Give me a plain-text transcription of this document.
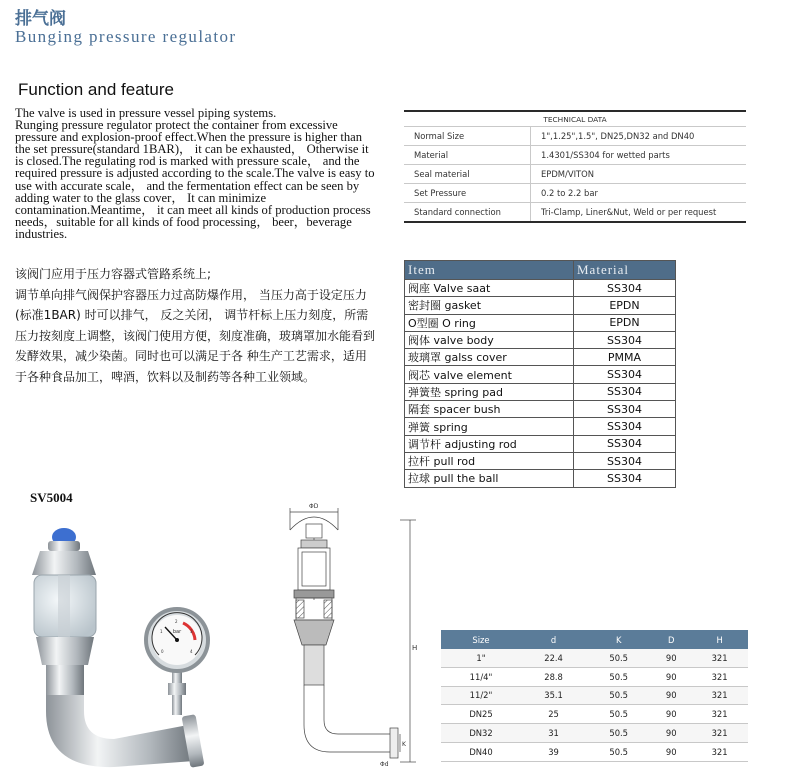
排气阀
Bunging pressure regulator
Function and feature

The valve is used in pressure vessel piping systems.

Runging pressure regulator protect the container from excessive pressure and explosion-proof effect.When the pressure is higher than the set pressure(standard 1BAR)， it can be exhausted， Otherwise it is closed.The regulating rod is marked with pressure scale， and the required pressure is adjusted according to the scale.The valve is easy to use with accurate scale， and the fermentation effect can be seen by adding water to the glass cover， It can minimize contamination.Meantime， it can meet all kinds of production process needs，suitable for all kinds of food processing， beer，beverage industries.

该阀门应用于压力容器式管路系统上;

调节单向排气阀保护容器压力过高防爆作用， 当压力高于设定压力(标准1BAR) 时可以排气， 反之关闭， 调节杆标上压力刻度，所需压力按刻度上调整，该阀门使用方便，刻度准确，玻璃罩加水能看到发酵效果，减少染菌。同时也可以满足于各 种生产工艺需求，适用于各种食品加工，啤酒，饮料以及制药等各种工业领域。

TECHNICAL DATA	
Normal Size	1",1.25",1.5", DN25,DN32 and DN40
Material	1.4301/SS304 for wetted parts
Seal material	EPDM/VITON
Set Pressure	0.2 to 2.2 bar
Standard connection	Tri-Clamp, Liner&Nut, Weld or per request
Item	Material
阀座 Valve saat	SS304
密封圈 gasket	EPDN
O型圈 O ring	EPDN
阀体 valve body	SS304
玻璃罩 galss cover	PMMA
阀芯 valve element	SS304
弹簧垫 spring pad	SS304
隔套 spacer bush	SS304
弹簧 spring	SS304
调节杆 adjusting rod	SS304
拉杆 pull rod	SS304
拉球 pull the ball	SS304
SV5004
bar
0
1
2
3
4
ΦD
H
K
Φd
Size	d	K	D	H
1"	22.4	50.5	90	321
11/4"	28.8	50.5	90	321
11/2"	35.1	50.5	90	321
DN25	25	50.5	90	321
DN32	31	50.5	90	321
DN40	39	50.5	90	321
